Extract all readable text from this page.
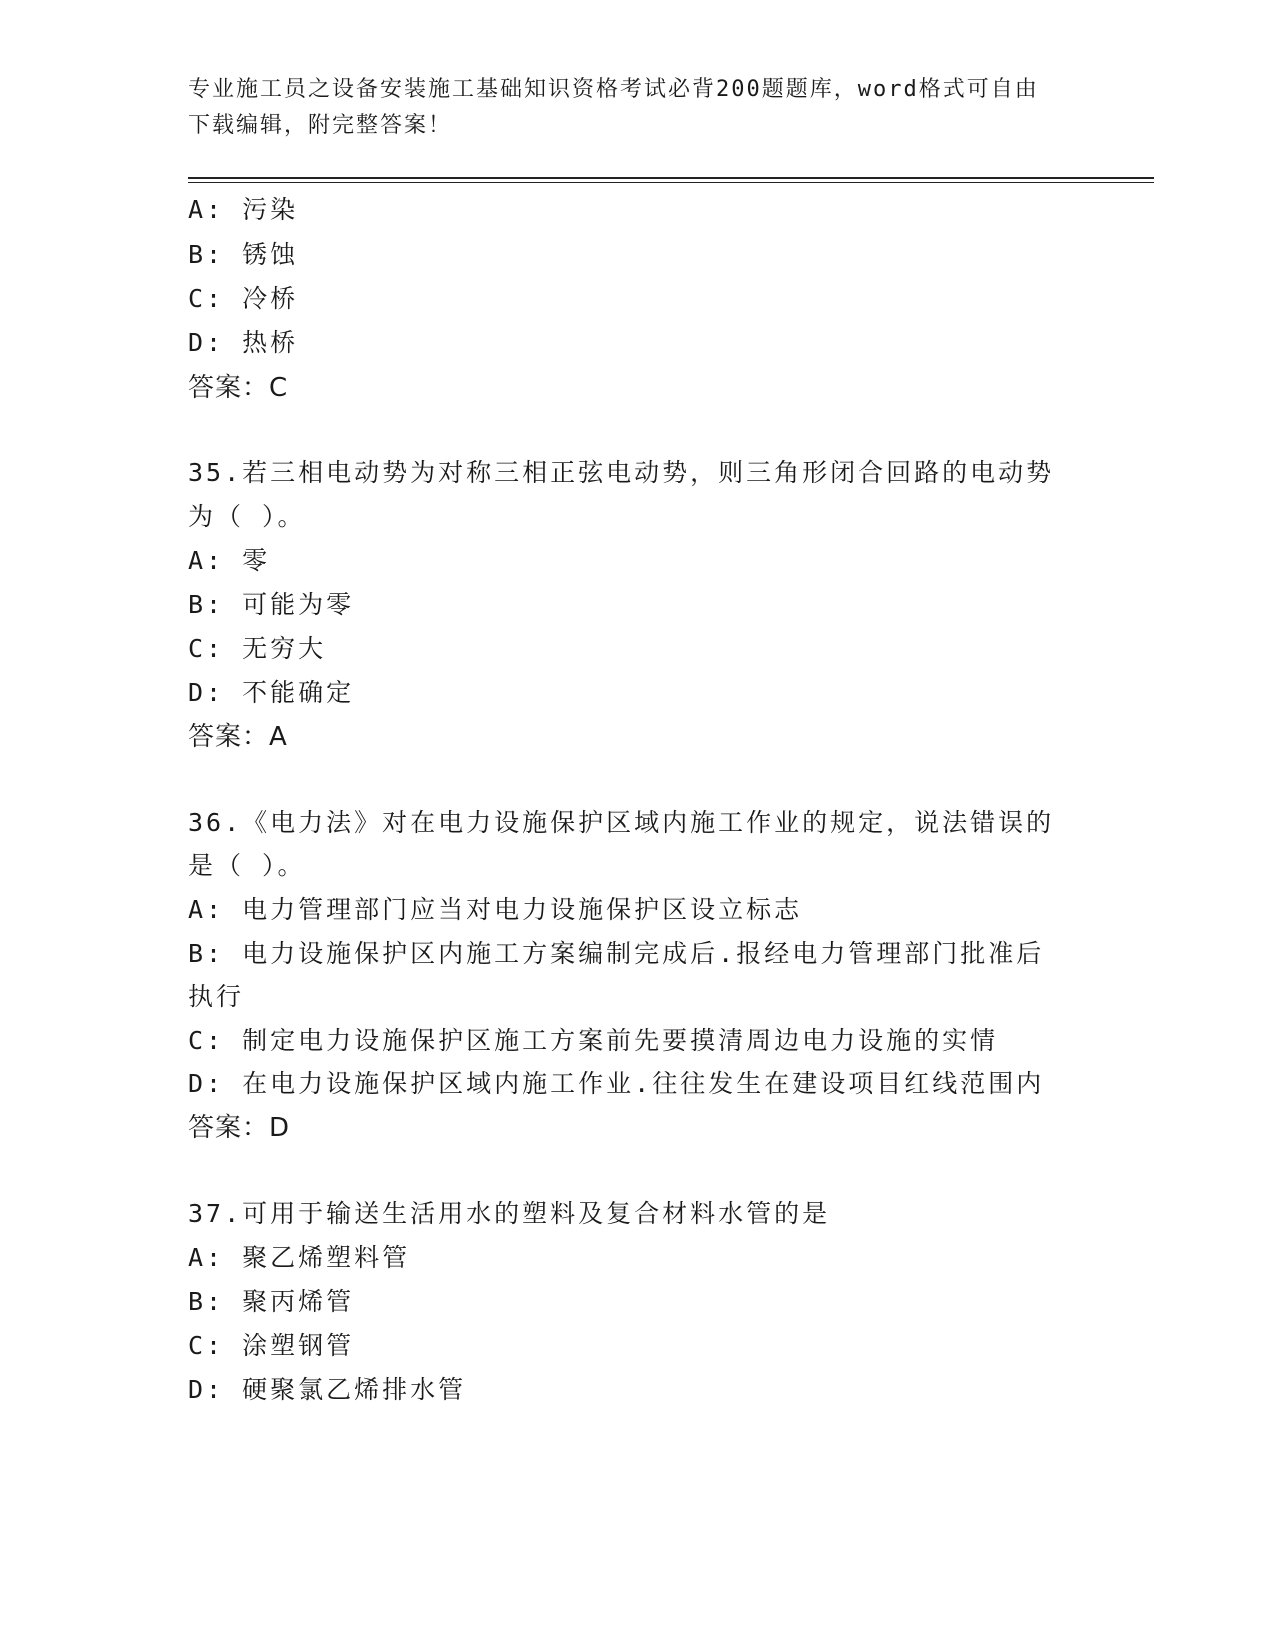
专业施工员之设备安装施工基础知识资格考试必背200题题库，word格式可自由
下载编辑，附完整答案！
A: 污染
B: 锈蚀
C: 冷桥
D: 热桥
答案：C
35.若三相电动势为对称三相正弦电动势，则三角形闭合回路的电动势
为（ ）。
A: 零
B: 可能为零
C: 无穷大
D: 不能确定
答案：A
36.《电力法》对在电力设施保护区域内施工作业的规定，说法错误的
是（ ）。
A: 电力管理部门应当对电力设施保护区设立标志
B: 电力设施保护区内施工方案编制完成后.报经电力管理部门批准后
执行
C: 制定电力设施保护区施工方案前先要摸清周边电力设施的实情
D: 在电力设施保护区域内施工作业.往往发生在建设项目红线范围内
答案：D
37.可用于输送生活用水的塑料及复合材料水管的是
A: 聚乙烯塑料管
B: 聚丙烯管
C: 涂塑钢管
D: 硬聚氯乙烯排水管
